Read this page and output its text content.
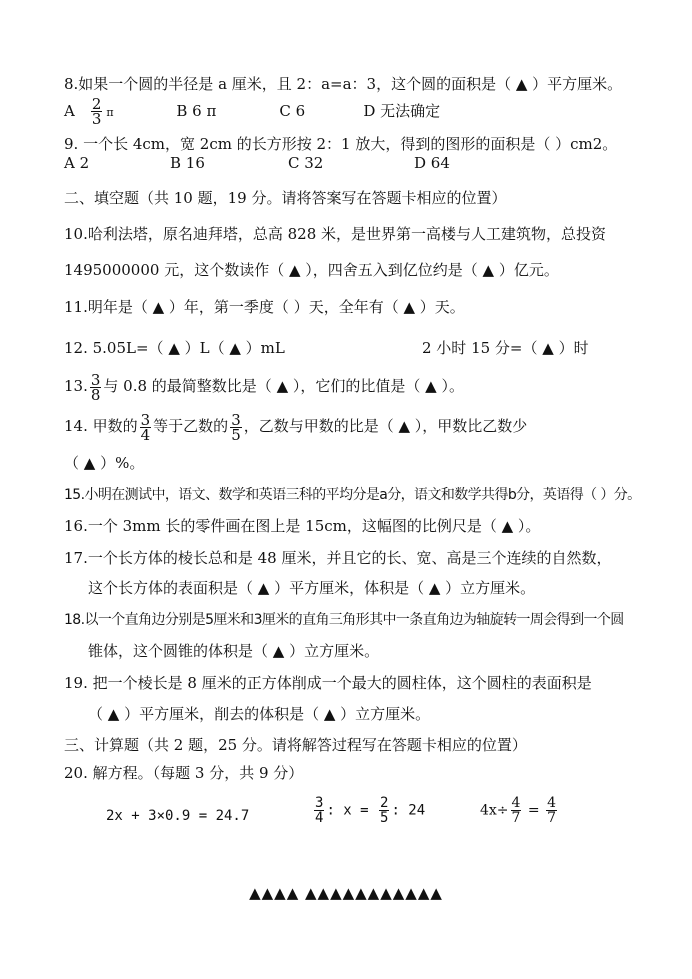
8.如果一个圆的半径是 a 厘米，且 2：a=a：3，这个圆的面积是（ ▲ ）平方厘米。
A $\frac{2}{3}$ π	B 6 π	C 6	D 无法确定
9. 一个长 4cm，宽 2cm 的长方形按 2：1 放大，得到的图形的面积是（ ）cm2。
A 2	B 16	C 32	D 64
二、填空题（共 10 题，19 分。请将答案写在答题卡相应的位置）
10.哈利法塔，原名迪拜塔，总高 828 米，是世界第一高楼与人工建筑物，总投资
1495000000 元，这个数读作（ ▲ ），四舍五入到亿位约是（ ▲ ）亿元。
11.明年是（ ▲ ）年，第一季度（ ）天，全年有（ ▲ ）天。
12. 5.05L=（ ▲ ）L（ ▲ ）mL	2 小时 15 分=（ ▲ ）时
13. $\frac{3}{8}$ 与 0.8 的最简整数比是（ ▲ ），它们的比值是（ ▲ ）。
14. 甲数的 $\frac{3}{4}$ 等于乙数的 $\frac{3}{5}$ ，乙数与甲数的比是（ ▲ ），甲数比乙数少
（ ▲ ）%。
15.小明在测试中，语文、数学和英语三科的平均分是a分，语文和数学共得b分，英语得（ ）分。
16.一个 3mm 长的零件画在图上是 15cm，这幅图的比例尺是（ ▲ ）。
17.一个长方体的棱长总和是 48 厘米，并且它的长、宽、高是三个连续的自然数，
这个长方体的表面积是（ ▲ ）平方厘米，体积是（ ▲ ）立方厘米。
18.以一个直角边分别是5厘米和3厘米的直角三角形其中一条直角边为轴旋转一周会得到一个圆
锥体，这个圆锥的体积是（ ▲ ）立方厘米。
19. 把一个棱长是 8 厘米的正方体削成一个最大的圆柱体，这个圆柱的表面积是
（ ▲ ）平方厘米，削去的体积是（ ▲ ）立方厘米。
三、计算题（共 2 题，25 分。请将解答过程写在答题卡相应的位置）
20. 解方程。（每题 3 分，共 9 分）
2x + 3×0.9 = 24.7	$\frac{3}{4}$ : $x = \frac{2}{5}$ : 24	$4x\div \frac{4}{7} = \frac{4}{7}$
▲▲▲▲ ▲▲▲▲▲▲▲▲▲▲▲
